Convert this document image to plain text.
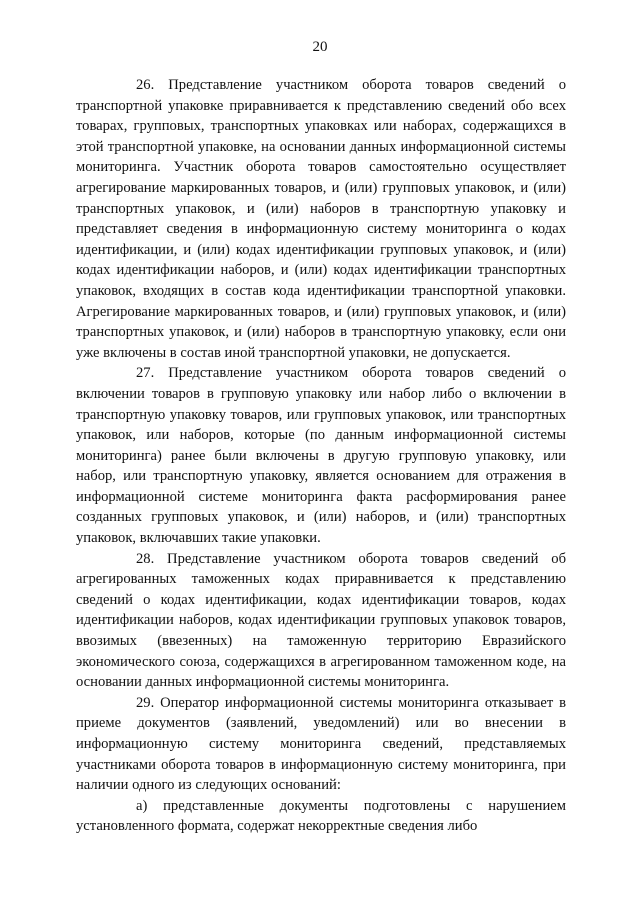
20

26. Представление участником оборота товаров сведений о транспортной упаковке приравнивается к представлению сведений обо всех товарах, групповых, транспортных упаковках или наборах, содержащихся в этой транспортной упаковке, на основании данных информационной системы мониторинга. Участник оборота товаров самостоятельно осуществляет агрегирование маркированных товаров, и (или) групповых упаковок, и (или) транспортных упаковок, и (или) наборов в транспортную упаковку и представляет сведения в информационную систему мониторинга о кодах идентификации, и (или) кодах идентификации групповых упаковок, и (или) кодах идентификации наборов, и (или) кодах идентификации транспортных упаковок, входящих в состав кода идентификации транспортной упаковки. Агрегирование маркированных товаров, и (или) групповых упаковок, и (или) транспортных упаковок, и (или) наборов в транспортную упаковку, если они уже включены в состав иной транспортной упаковки, не допускается.

27. Представление участником оборота товаров сведений о включении товаров в групповую упаковку или набор либо о включении в транспортную упаковку товаров, или групповых упаковок, или транспортных упаковок, или наборов, которые (по данным информационной системы мониторинга) ранее были включены в другую групповую упаковку, или набор, или транспортную упаковку, является основанием для отражения в информационной системе мониторинга факта расформирования ранее созданных групповых упаковок, и (или) наборов, и (или) транспортных упаковок, включавших такие упаковки.

28. Представление участником оборота товаров сведений об агрегированных таможенных кодах приравнивается к представлению сведений о кодах идентификации, кодах идентификации товаров, кодах идентификации наборов, кодах идентификации групповых упаковок товаров, ввозимых (ввезенных) на таможенную территорию Евразийского экономического союза, содержащихся в агрегированном таможенном коде, на основании данных информационной системы мониторинга.

29. Оператор информационной системы мониторинга отказывает в приеме документов (заявлений, уведомлений) или во внесении в информационную систему мониторинга сведений, представляемых участниками оборота товаров в информационную систему мониторинга, при наличии одного из следующих оснований:

а) представленные документы подготовлены с нарушением установленного формата, содержат некорректные сведения либо
